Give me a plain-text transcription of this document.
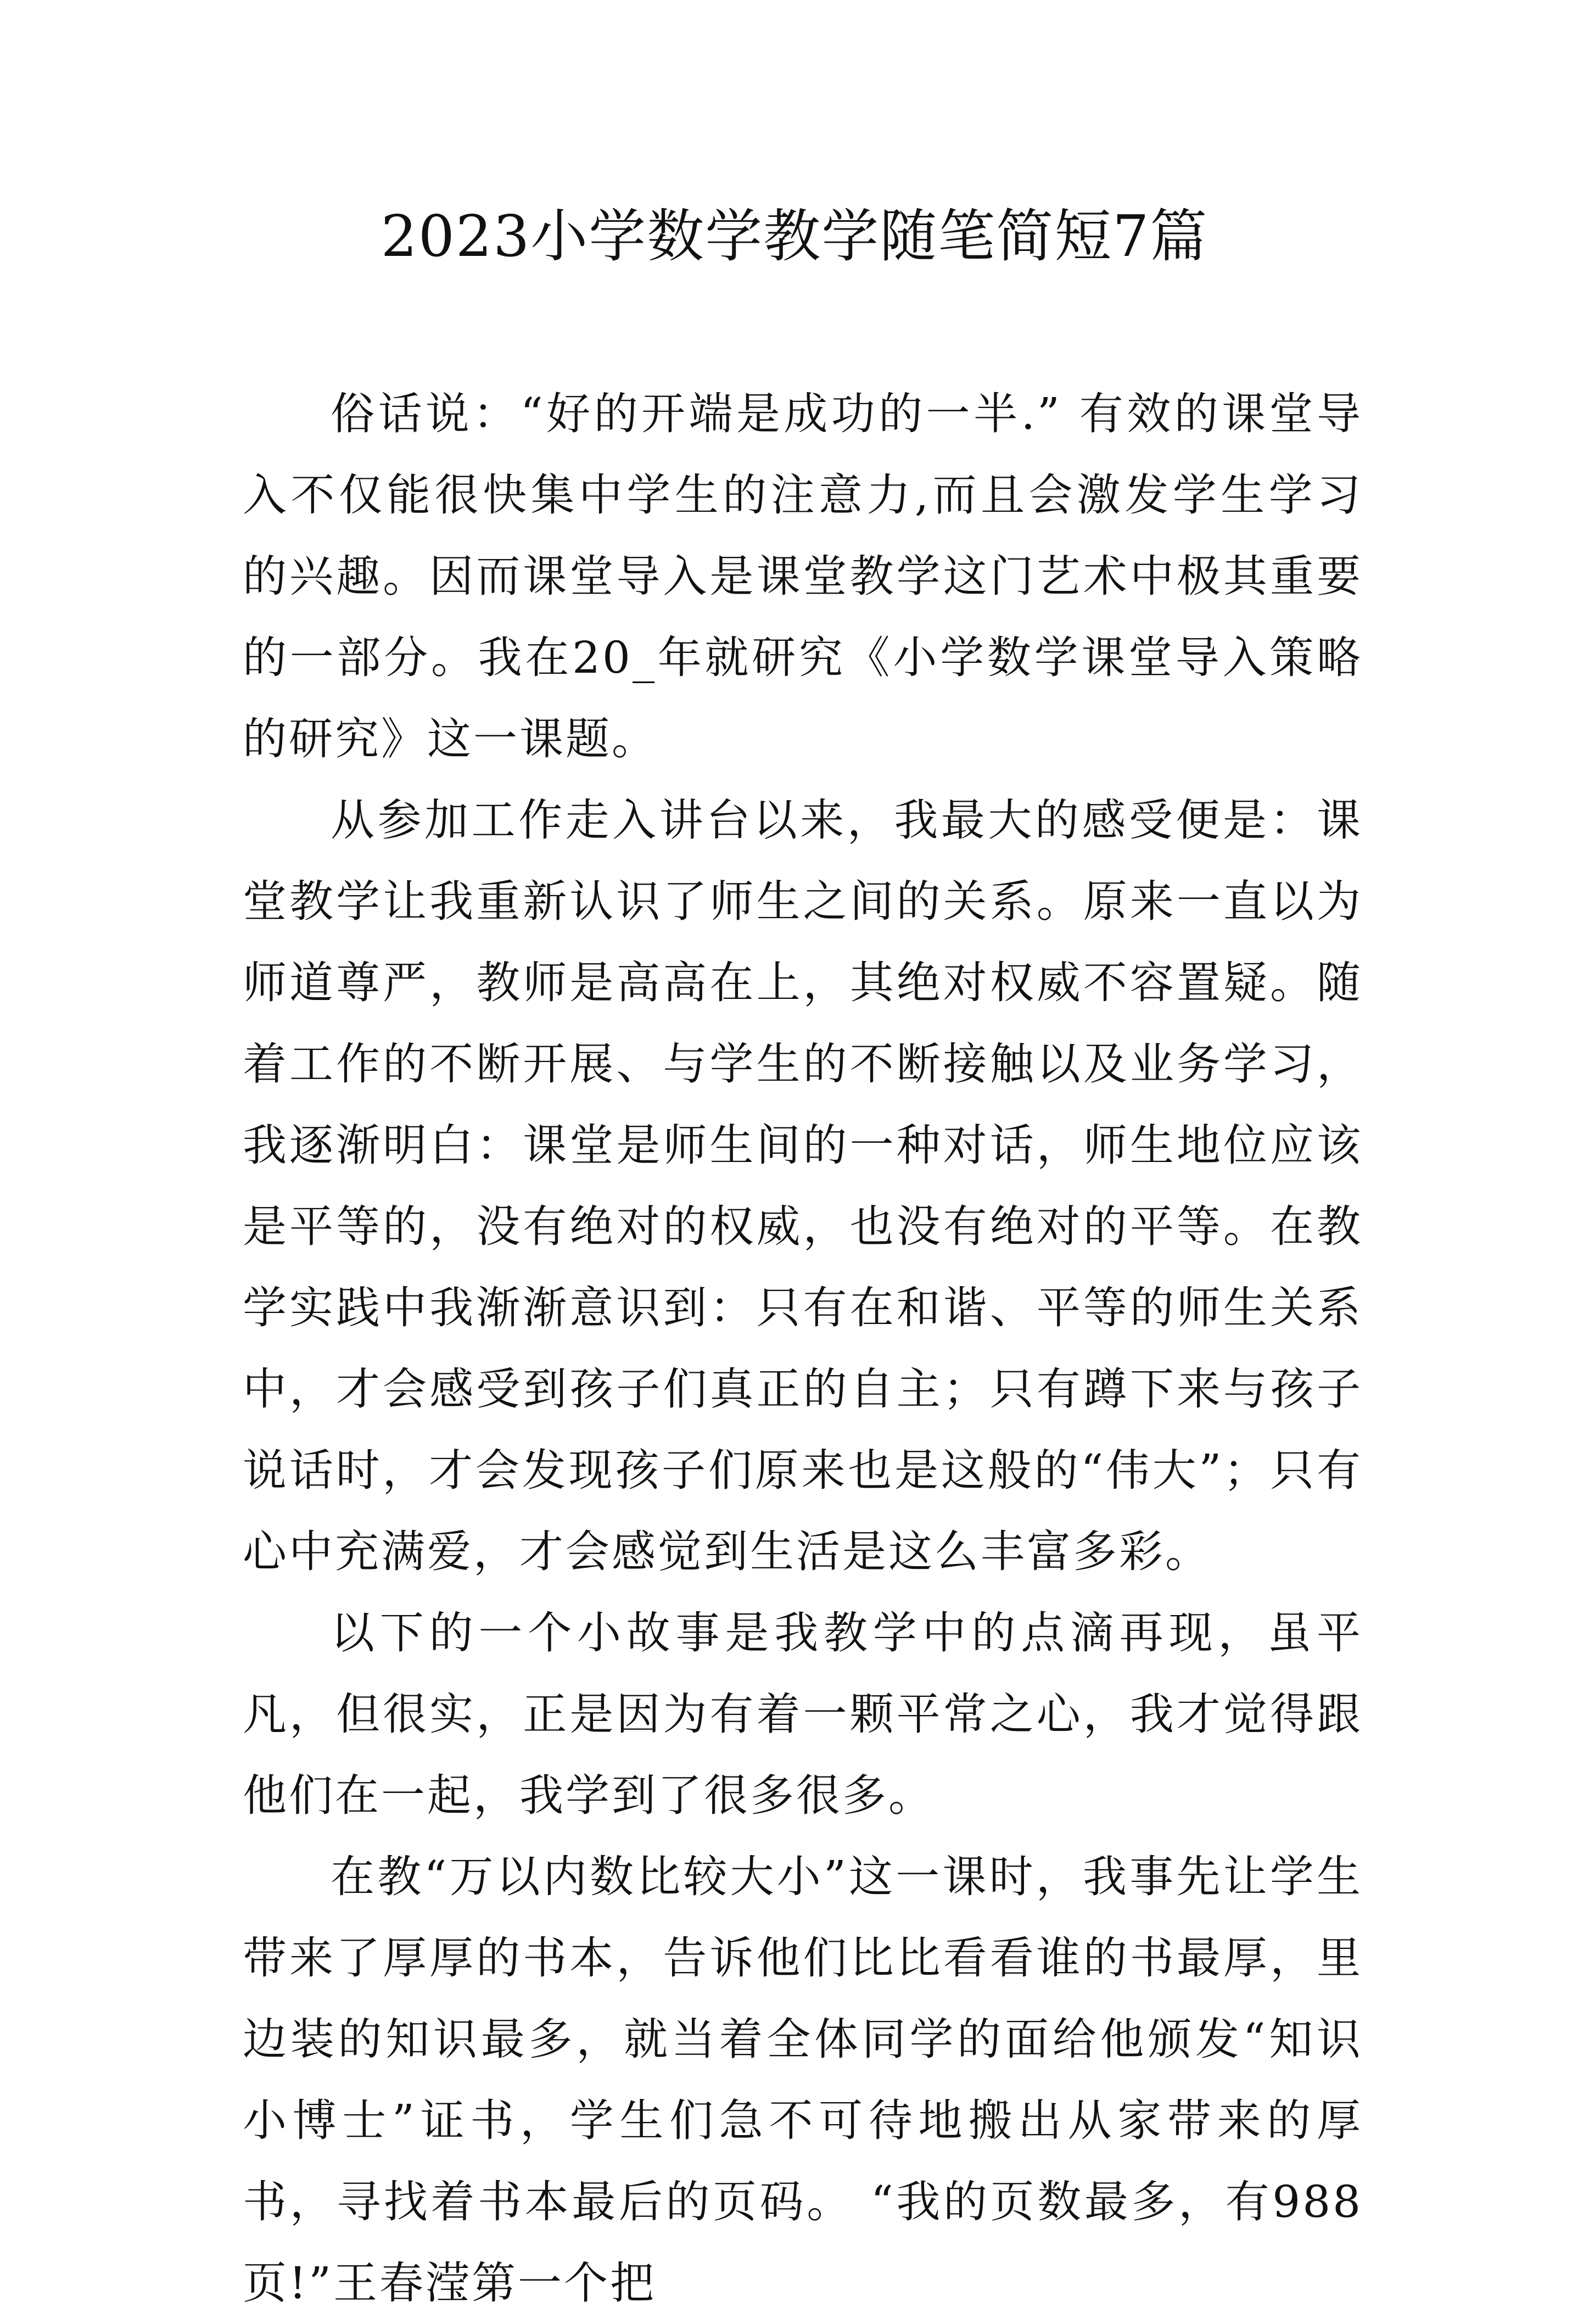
2023小学数学教学随笔简短7篇

俗话说：“好的开端是成功的一半.” 有效的课堂导入不仅能很快集中学生的注意力,而且会激发学生学习的兴趣。因而课堂导入是课堂教学这门艺术中极其重要的一部分。我在20_年就研究《小学数学课堂导入策略的研究》这一课题。

从参加工作走入讲台以来，我最大的感受便是：课堂教学让我重新认识了师生之间的关系。原来一直以为师道尊严，教师是高高在上，其绝对权威不容置疑。随着工作的不断开展、与学生的不断接触以及业务学习，我逐渐明白：课堂是师生间的一种对话，师生地位应该是平等的，没有绝对的权威，也没有绝对的平等。在教学实践中我渐渐意识到：只有在和谐、平等的师生关系中，才会感受到孩子们真正的自主；只有蹲下来与孩子说话时，才会发现孩子们原来也是这般的“伟大”；只有心中充满爱，才会感觉到生活是这么丰富多彩。

以下的一个小故事是我教学中的点滴再现，虽平凡，但很实，正是因为有着一颗平常之心，我才觉得跟他们在一起，我学到了很多很多。

在教“万以内数比较大小”这一课时，我事先让学生带来了厚厚的书本，告诉他们比比看看谁的书最厚，里边装的知识最多，就当着全体同学的面给他颁发“知识小博士”证书，学生们急不可待地搬出从家带来的厚书，寻找着书本最后的页码。 “我的页数最多，有988页!”王春滢第一个把
